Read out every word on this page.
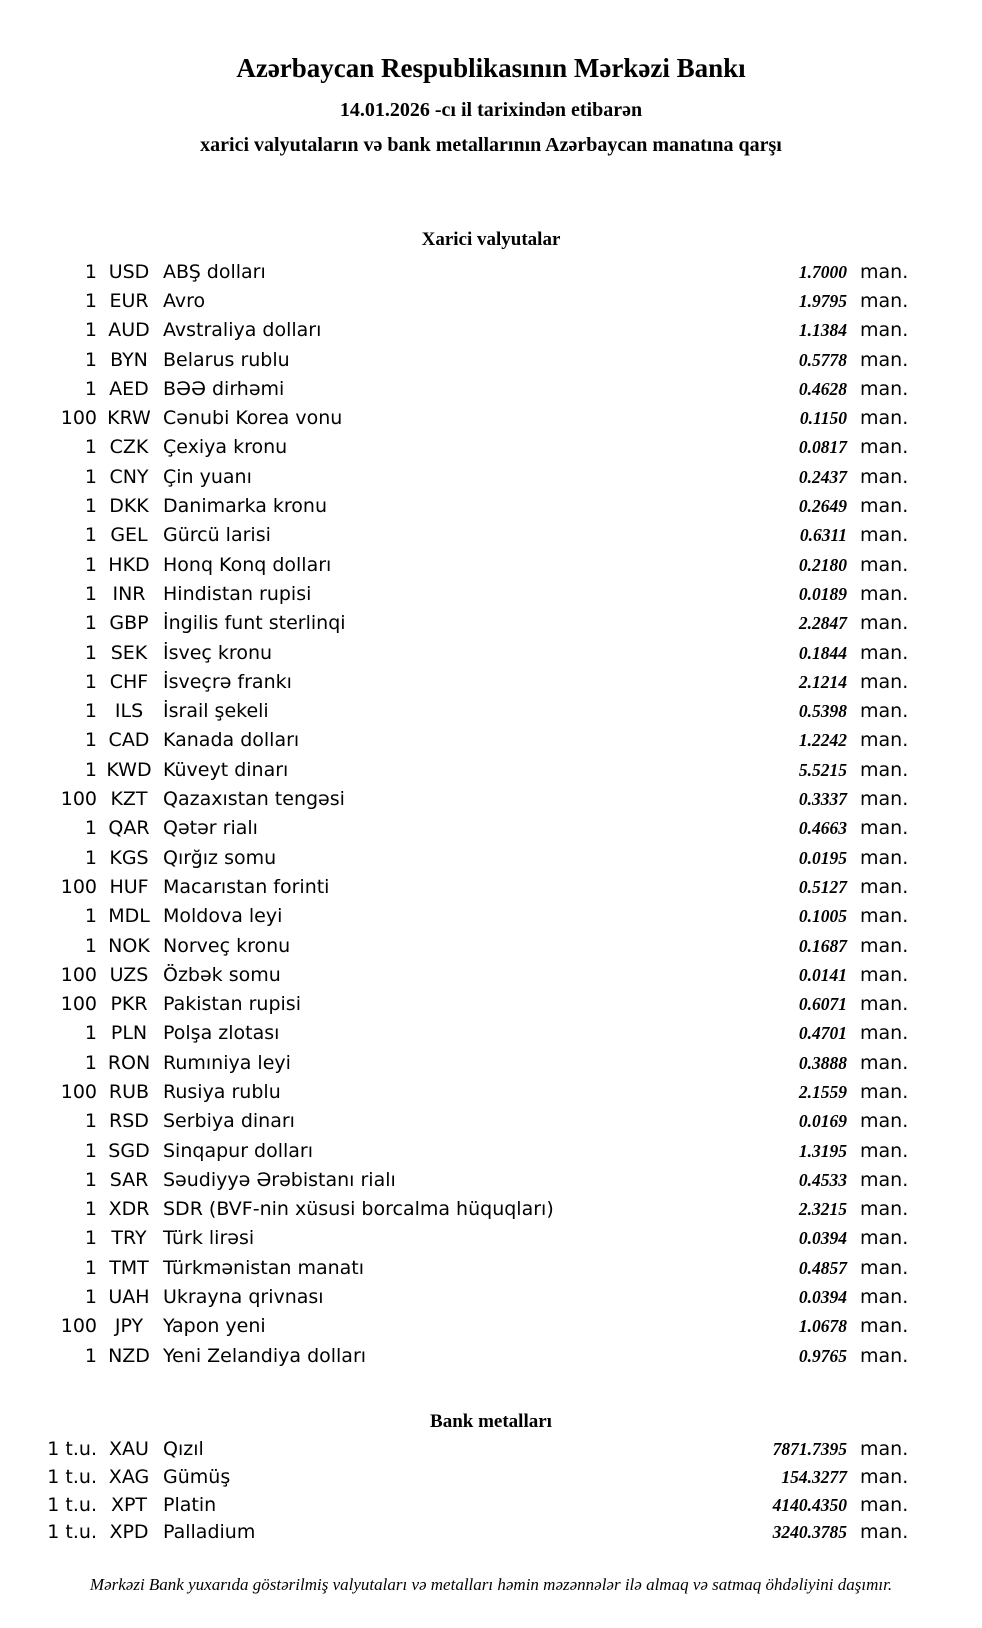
Azərbaycan Respublikasının Mərkəzi Bankı
14.01.2026 -cı il tarixindən etibarən
xarici valyutaların və bank metallarının Azərbaycan manatına qarşı
Xarici valyutalar
1 USD ABŞ dolları	1.7000 man.
1 EUR Avro	1.9795 man.
1 AUD Avstraliya dolları	1.1384 man.
1 BYN Belarus rublu	0.5778 man.
1 AED BƏƏ dirhəmi	0.4628 man.
100 KRW Cənubi Korea vonu	0.1150 man.
1 CZK Çexiya kronu	0.0817 man.
1 CNY Çin yuanı	0.2437 man.
1 DKK Danimarka kronu	0.2649 man.
1 GEL Gürcü larisi	0.6311 man.
1 HKD Honq Konq dolları	0.2180 man.
1 INR Hindistan rupisi	0.0189 man.
1 GBP İngilis funt sterlinqi	2.2847 man.
1 SEK İsveç kronu	0.1844 man.
1 CHF İsveçrə frankı	2.1214 man.
1 ILS	İsrail şekeli	0.5398 man.
1 CAD Kanada dolları	1.2242 man.
1 KWD Küveyt dinarı	5.5215 man.
100 KZT Qazaxıstan tengəsi	0.3337 man.
1 QAR Qətər rialı	0.4663 man.
1 KGS Qırğız somu	0.0195 man.
100 HUF Macarıstan forinti	0.5127 man.
1 MDL Moldova leyi	0.1005 man.
1 NOK Norveç kronu	0.1687 man.
100 UZS Özbək somu	0.0141 man.
100 PKR Pakistan rupisi	0.6071 man.
1 PLN Polşa zlotası	0.4701 man.
1 RON Rumıniya leyi	0.3888 man.
100 RUB Rusiya rublu	2.1559 man.
1 RSD Serbiya dinarı	0.0169 man.
1 SGD Sinqapur dolları	1.3195 man.
1 SAR Səudiyyə Ərəbistanı rialı	0.4533 man.
1 XDR SDR (BVF-nin xüsusi borcalma hüquqları)	2.3215 man.
1 TRY Türk lirəsi	0.0394 man.
1 TMT Türkmənistan manatı	0.4857 man.
1 UAH Ukrayna qrivnası	0.0394 man.
100 JPY	Yapon yeni	1.0678 man.
1 NZD Yeni Zelandiya dolları	0.9765 man.
Bank metalları
1 t.u. XAU Qızıl	7871.7395 man.
1 t.u. XAG Gümüş	154.3277 man.
1 t.u. XPT Platin	4140.4350 man.
1 t.u. XPD Palladium	3240.3785 man.
Mərkəzi Bank yuxarıda göstərilmiş valyutaları və metalları həmin məzənnələr ilə almaq və satmaq öhdəliyini daşımır.
